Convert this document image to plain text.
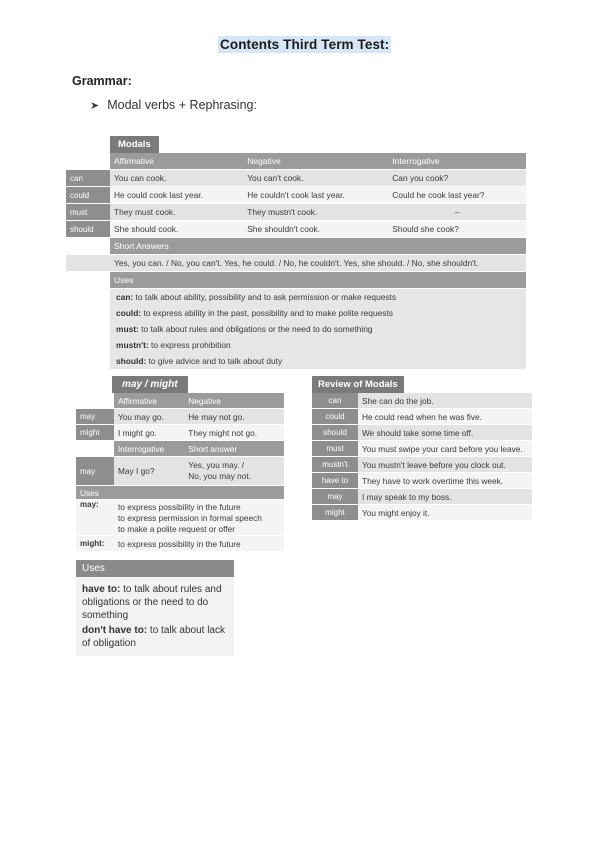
Contents Third Term Test:
Grammar:
➤ Modal verbs + Rephrasing:
Modals
	Affirmative	Negative	Interrogative
can	You can cook.	You can't cook.	Can you cook?
could	He could cook last year.	He couldn't cook last year.	Could he cook last year?
must	They must cook.	They mustn't cook.	–
should	She should cook.	She shouldn't cook.	Should she cook?
	Short Answers		
	Yes, you can. / No, you can't. Yes, he could. / No, he couldn't. Yes, she should. / No, she shouldn't.		
	Uses		

	can: to talk about ability, possibility and to ask permission or make requests
could: to express ability in the past, possibility and to make polite requests
must: to talk about rules and obligations or the need to do something
mustn't: to express prohibition
should: to give advice and to talk about duty		
may / might
	Affirmative	Negative
may	You may go.	He may not go.
might	I might go.	They might not go.
	Interrogative	Short answer
may	May I go?	Yes, you may. /
No, you may not.

Uses		
may:	to express possibility in the future
to express permission in formal speech
to make a polite request or offer	

might:	to express possibility in the future	
Review of Modals
can	She can do the job.
could	He could read when he was five.
should	We should take some time off.
must	You must swipe your card before you leave.
mustn't	You mustn't leave before you clock out.
have to	They have to work overtime this week.
may	I may speak to my boss.
might	You might enjoy it.
Uses
have to: to talk about rules and obligations or the need to do something
don't have to: to talk about lack of obligation
